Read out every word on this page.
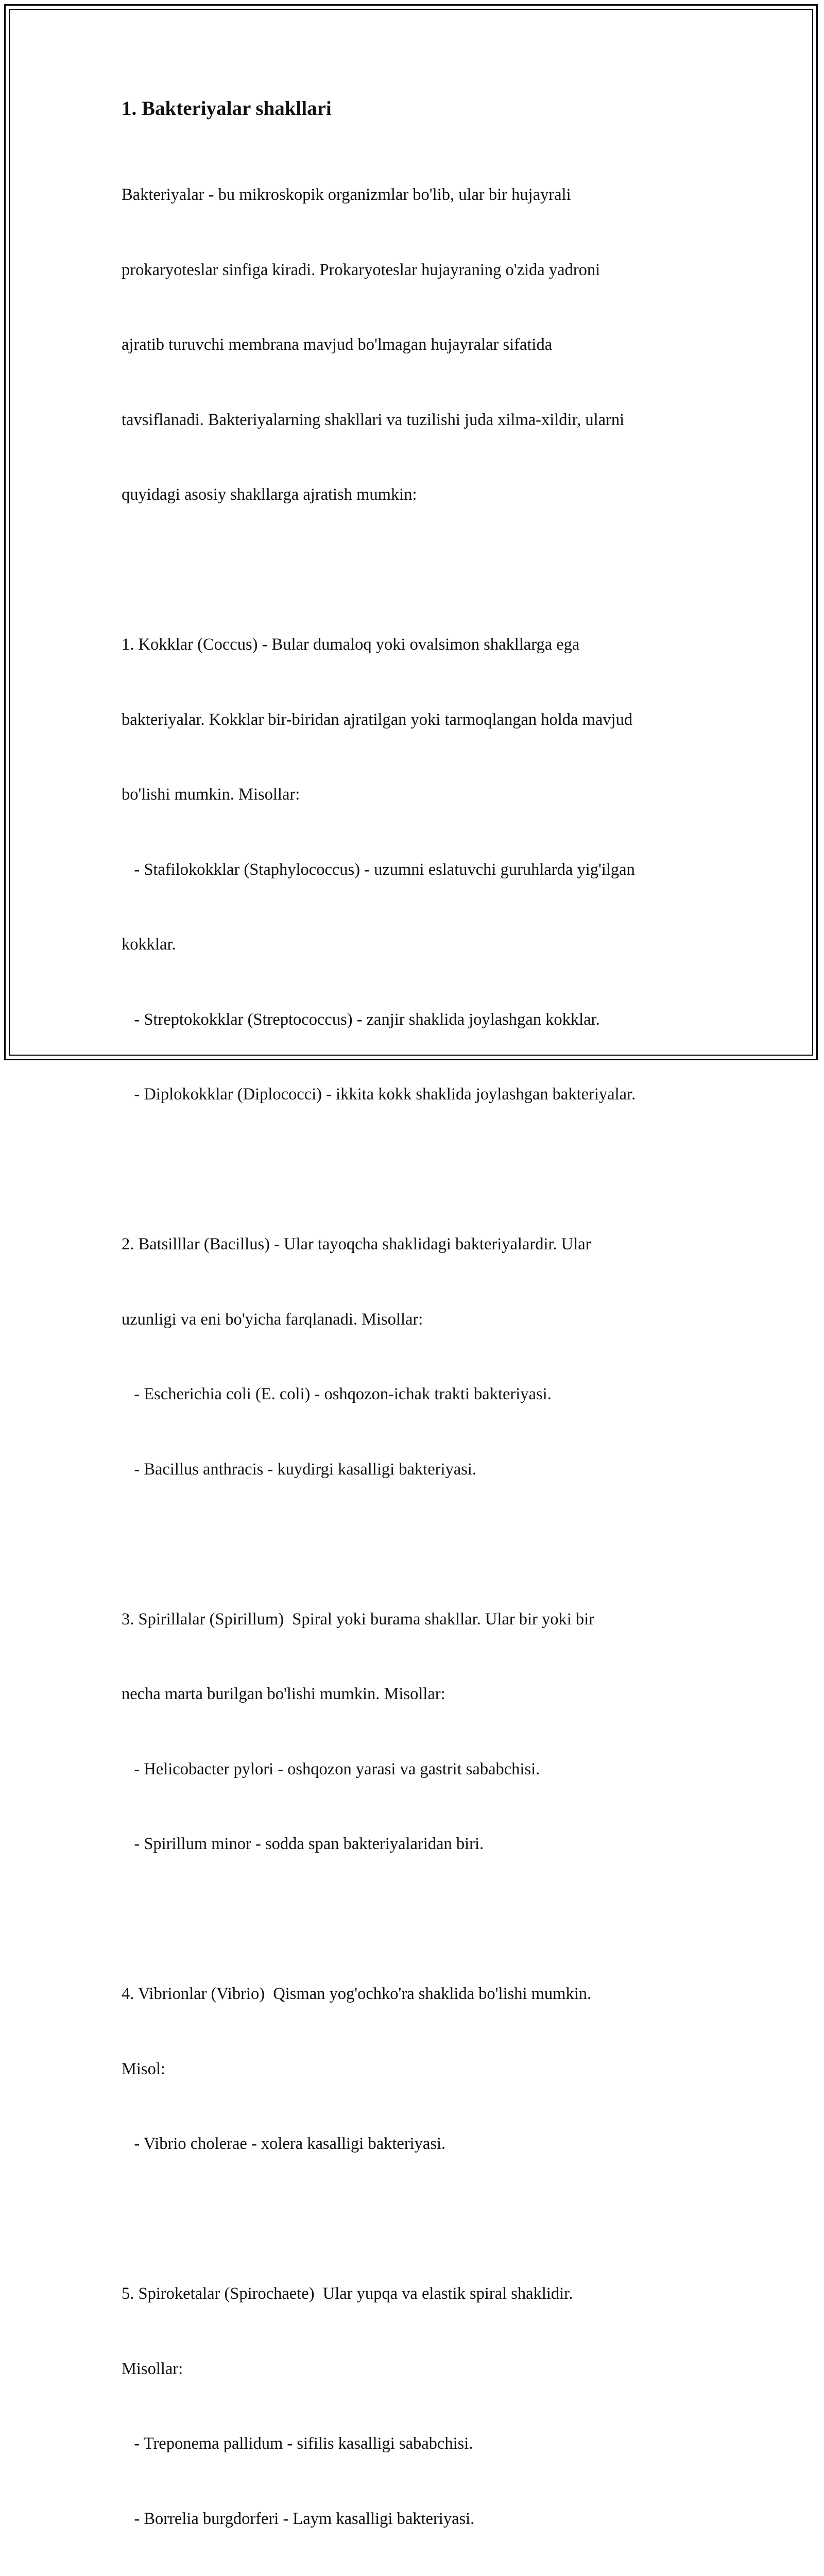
1. Bakteriyalar shakllari

Bakteriyalar - bu mikroskopik organizmlar bo'lib, ular bir hujayrali

prokaryoteslar sinfiga kiradi. Prokaryoteslar hujayraning o'zida yadroni

ajratib turuvchi membrana mavjud bo'lmagan hujayralar sifatida

tavsiflanadi. Bakteriyalarning shakllari va tuzilishi juda xilma-xildir, ularni

quyidagi asosiy shakllarga ajratish mumkin:

1. Kokklar (Coccus) - Bular dumaloq yoki ovalsimon shakllarga ega

bakteriyalar. Kokklar bir-biridan ajratilgan yoki tarmoqlangan holda mavjud

bo'lishi mumkin. Misollar:

- Stafilokokklar (Staphylococcus) - uzumni eslatuvchi guruhlarda yig'ilgan

kokklar.

- Streptokokklar (Streptococcus) - zanjir shaklida joylashgan kokklar.

- Diplokokklar (Diplococci) - ikkita kokk shaklida joylashgan bakteriyalar.

2. Batsilllar (Bacillus) - Ular tayoqcha shaklidagi bakteriyalardir. Ular

uzunligi va eni bo'yicha farqlanadi. Misollar:

- Escherichia coli (E. coli) - oshqozon-ichak trakti bakteriyasi.

- Bacillus anthracis - kuydirgi kasalligi bakteriyasi.

3. Spirillalar (Spirillum)  Spiral yoki burama shakllar. Ular bir yoki bir

necha marta burilgan bo'lishi mumkin. Misollar:

- Helicobacter pylori - oshqozon yarasi va gastrit sababchisi.

- Spirillum minor - sodda span bakteriyalaridan biri.

4. Vibrionlar (Vibrio)  Qisman yog'ochko'ra shaklida bo'lishi mumkin.

Misol:

- Vibrio cholerae - xolera kasalligi bakteriyasi.

5. Spiroketalar (Spirochaete)  Ular yupqa va elastik spiral shaklidir.

Misollar:

- Treponema pallidum - sifilis kasalligi sababchisi.

- Borrelia burgdorferi - Laym kasalligi bakteriyasi.
